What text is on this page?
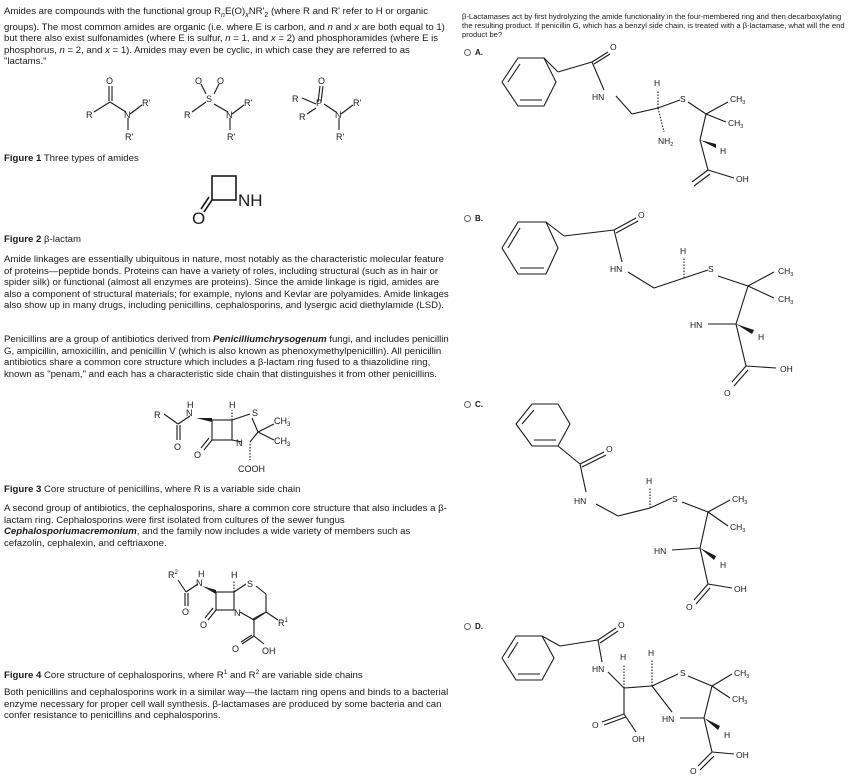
Amides are compounds with the functional group $R_nE(O)_xNR'_2$ (where R and R' refer to H or organic groups). The most common amides are organic (i.e. where E is carbon, and n and x are both equal to 1) but there also exist sulfonamides (where E is sulfur, n = 1, and x = 2) and phosphoramides (where E is phosphorus, n = 2, and x = 1). Amides may even be cyclic, in which case they are referred to as "lactams."

O
R	N
R'
R'
O O
S
R	N
R'
R'
O
R P
R	N
R'
R'
Figure 1 Three types of amides
O
NH
Figure 2 β-lactam

Amide linkages are essentially ubiquitous in nature, most notably as the characteristic molecular feature of proteins—peptide bonds. Proteins can have a variety of roles, including structural (such as in hair or spider silk) or functional (almost all enzymes are proteins). Since the amide linkage is rigid, amides are also a component of structural materials; for example, nylons and Kevlar are polyamides. Amide linkages also show up in many drugs, including penicillins, cephalosporins, and lysergic acid diethylamide (LSD).

Penicillins are a group of antibiotics derived from Penicilliumchrysogenum fungi, and includes penicillin G, ampicillin, amoxicillin, and penicillin V (which is also known as phenoxymethylpenicillin). All penicillin antibiotics share a common core structure which includes a β-lactam ring fused to a thiazolidine ring, known as "penam," and each has a characteristic side chain that distinguishes it from other penicillins.

R	N
H
O
H
S
N
O
$CH_3$
$CH_3$
COOH
Figure 3 Core structure of penicillins, where R is a variable side chain

A second group of antibiotics, the cephalosporins, share a common core structure that also includes a β-lactam ring. Cephalosporins were first isolated from cultures of the sewer fungus Cephalosporiumacremonium, and the family now includes a wide variety of members such as cefazolin, cephalexin, and ceftriaxone.

$R^2$
N
H
O
H
S
N
O	$R^1$
O	OH
Figure 4 Core structure of cephalosporins, where $R^1$ and $R^2$ are variable side chains

Both penicillins and cephalosporins work in a similar way—the lactam ring opens and binds to a bacterial enzyme necessary for proper cell wall synthesis. β-lactamases are produced by some bacteria and can confer resistance to penicillins and cephalosporins.

β-Lactamases act by first hydrolyzing the amide functionality in the four-membered ring and then decarboxylating the resulting product. If penicillin G, which has a benzyl side chain, is treated with a β-lactamase, what will the end product be?

A.
O
HN
H
S	$CH_3$
$CH_3$
$NH_2$
H
OH
B.	O
HN
H
S	$CH_3$
$CH_3$
HN
H
OH
O
C.
O
HN
H
S	$CH_3$
$CH_3$
HN
H
OH
O
D.	O
HN
H	H
S	$CH_3$
$CH_3$
HN
H
O
OH
OH
O
